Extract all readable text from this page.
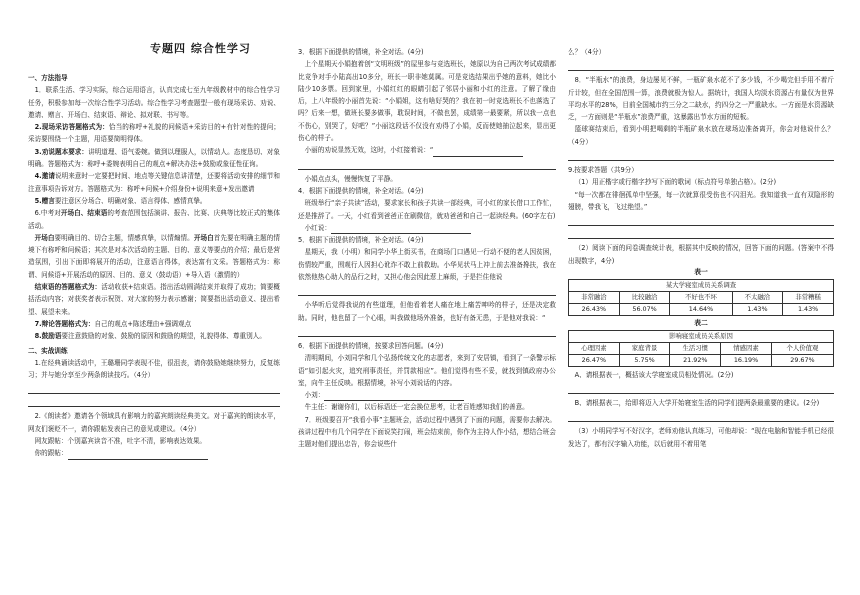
专题四 综合性学习

一、方法指导

1．联系生活、学习实际，综合运用语言，认真完成七至九年级教材中的综合性学习任务，积极参加每一次综合性学习活动。综合性学习考查题型一般有现场采访、劝说、邀请、赠言、开场白、结束语、辩论、拟对联、书写等。

2.现场采访答题格式为：恰当的称呼+礼貌的问候语+采访目的+有针对性的提问；采访要围绕一个主题，用语要简明得体。

3.劝说题本要求：讲明道理、语气委婉。做到以理服人，以情动人。态度恳切、对象明确。答题格式为：称呼+委婉表明自己的观点+解决办法+鼓励或象征性征询。

4.邀请说明来意时一定要把时间、地点等关键信息讲清楚，还要将活动安排的细节和注意事项告诉对方。答题格式为：称呼+问候+介绍身份+说明来意+发出邀请

5.赠言要注意区分场合、明确对象、语言得体、感情真挚。

6.中考对开场白、结束语的考查范围包括演讲、报告、比赛、庆典等比较正式的集体活动。

开场白要明确目的、切合主题，情感真挚，以情煽情。开场白首先要在明确主题的情境下有称呼和问候语；其次是对本次活动的主题、目的、意义等要点的介绍；最后是营造氛围，引出下面即将展开的活动，注意语言得体，表达富有文采。答题格式为：称谓、问候语+开展活动的原因、目的、意义（鼓动语）+导入语（激情的）

结束语的答题格式为：活动收获+结束语。指出活动圆满结束并取得了成功；简要概括活动内容；对获奖者表示祝贺、对大家的努力表示感谢；简要指出活动意义、提出希望、展望未来。

7.辩论答题格式为：自己的观点+陈述理由+强调观点

8.鼓励语要注意鼓励的对象、鼓励的原因和鼓励的期望，礼貌得体、尊重别人。

二、实战训练

1.在经典诵读活动中，王璐珊同学表现不佳，很沮丧，请你鼓励她继续努力，反复练习；并与她分享至少两条朗读技巧。（4分）

2.《朗读者》邀请各个领域具有影响力的嘉宾朗读经典美文。对于嘉宾的朗读水平，网友们褒贬不一，请你跟帖发表自己的意见或建议。（4分）

网友跟帖：个别嘉宾读音不准，吐字不清，影响表达效果。

你的跟帖：

3．根据下面提供的情境，补全对话。(4分)

上个星期天小娟抱着创“文明班级”的屋里参与竞选班长，她原以为自己两次考试成绩都比竞争对手小陆高出10多分，班长一职非她莫属。可是竞选结果出乎她的意料，她比小陆少10多票。回到家里，小娟红红的眼睛引起了邻居小丽和小红的注意。了解了缘由后，上八年级的小丽首先说：“小娟姐，这有啥好哭的？我在初一时竞选班长不也落选了吗？后来一想，做班长要多做事，耽误时间，不做也罢，成绩第一最要紧，所以我一点也不伤心，别哭了，好吧？”小丽这段话不仅没有劝得了小娟，反而使她抽泣起来，显出更伤心的样子。

小丽的劝说显然无效，这时，小红接着说：“

小娟点点头，慢慢恢复了平静。

4．根据下面提供的情境，补全对话。(4分)

班级举行“亲子共读”活动，要求家长和孩子共读一部经典，可小红的家长借口工作忙，还是推辞了。一天，小红看到爸爸正在刷微信，就劝爸爸和自己一起读经典。(60字左右)

小红说：

5．根据下面提供的情境，补全对话。(4分)

星期天，我（小明）和同学小华上街买书，在商场门口遇见一行动不便的老人因贫困，伤情较严重，围观行人因担心讹诈不敢上前救助。小华见状马上冲上前去准备搀扶，我在依然他热心助人的品行之时，又担心他会因此惹上麻烦，于是拦住他说

小华听后觉得我说的有些道理，但他看着老人痛在地上痛苦呻吟的样子，还是决定救助。同时，他也留了一个心眼，叫我做他场外准备，也好有备无患，于是他对我说：“

6．根据下面提供的情境，按要求回答问题。(4分)

清明期间，小刘同学和几个弘扬传统文化的志愿者，来到了安居镇，看到了一条警示标语“如引起火灾，追究刑事责任，并罚款相应”。他们觉得有些不妥，就找到镇政府办公室，向牛主任反映。根据情境，补写小刘说话的内容。

小刘：

牛主任：谢谢你们，以后标语还一定会换位思考，让老百姓感知我们的善意。

7．班级要召开“我看小事”主题班会，活动过程中遇到了下面的问题，需要你去解决。孩讲过程中有几个同学在下面说笑打闹，班会结束前，你作为主持人作小结，想结合班会主题对他们提出忠告，你会说些什

么？（4分）

8．“半瓶水”的浪费，身边屡见不鲜，一瓶矿泉水花不了多少钱，不少喝完但手用不着斤斤计较，但在全国范围一算，浪费就极为惊人。据统计，我国人均淡水资源占有量仅为世界平均水平的28%，目前全国城市约三分之二缺水，约四分之一严重缺水。一方面是水资源缺乏，一方面则是“半瓶水”浪费严重，这暴露出节水方面的短板。

篮球赛结束后，看到小明把喝剩的半瓶矿泉水放在球场边准备离开，你会对他说什么？（4分）

9.按要求答题（共9分）

（1）用正楷字或行楷字抄写下面的歌词（标点符号单独占格）。(2分)

“每一次都在徘徊孤单中坚强，每一次就算很受伤也不闪泪光。我知道我一直有双隐形的翅膀，带我飞，飞过绝望。”

（2）阅读下面的问卷调查统计表，根据其中反映的情况，回答下面的问题。(答案中不得出现数字，4分)

表一
某大学寝室成员关系调查				
非常融洽	比较融洽	不好也不坏	不太融洽	非常糟糕
26.43%	56.07%	14.64%	1.43%	1.43%
表二
影响寝室成员关系原因				
心理因素	家庭背景	生活习惯	情感因素	个人价值观
26.47%	5.75%	21.92%	16.19%	29.67%

A、请根据表一，概括该大学寝室成员相处情况。(2分)

B、请根据表二，给即将迈入大学开始寝室生活的同学们提两条最重要的建议。(2分)

（3）小明同学写不好汉字，老师劝他认真练习，可他却说：“现在电脑和智能手机已经很发达了，都有汉字输入功能，以后就用不着用笔
